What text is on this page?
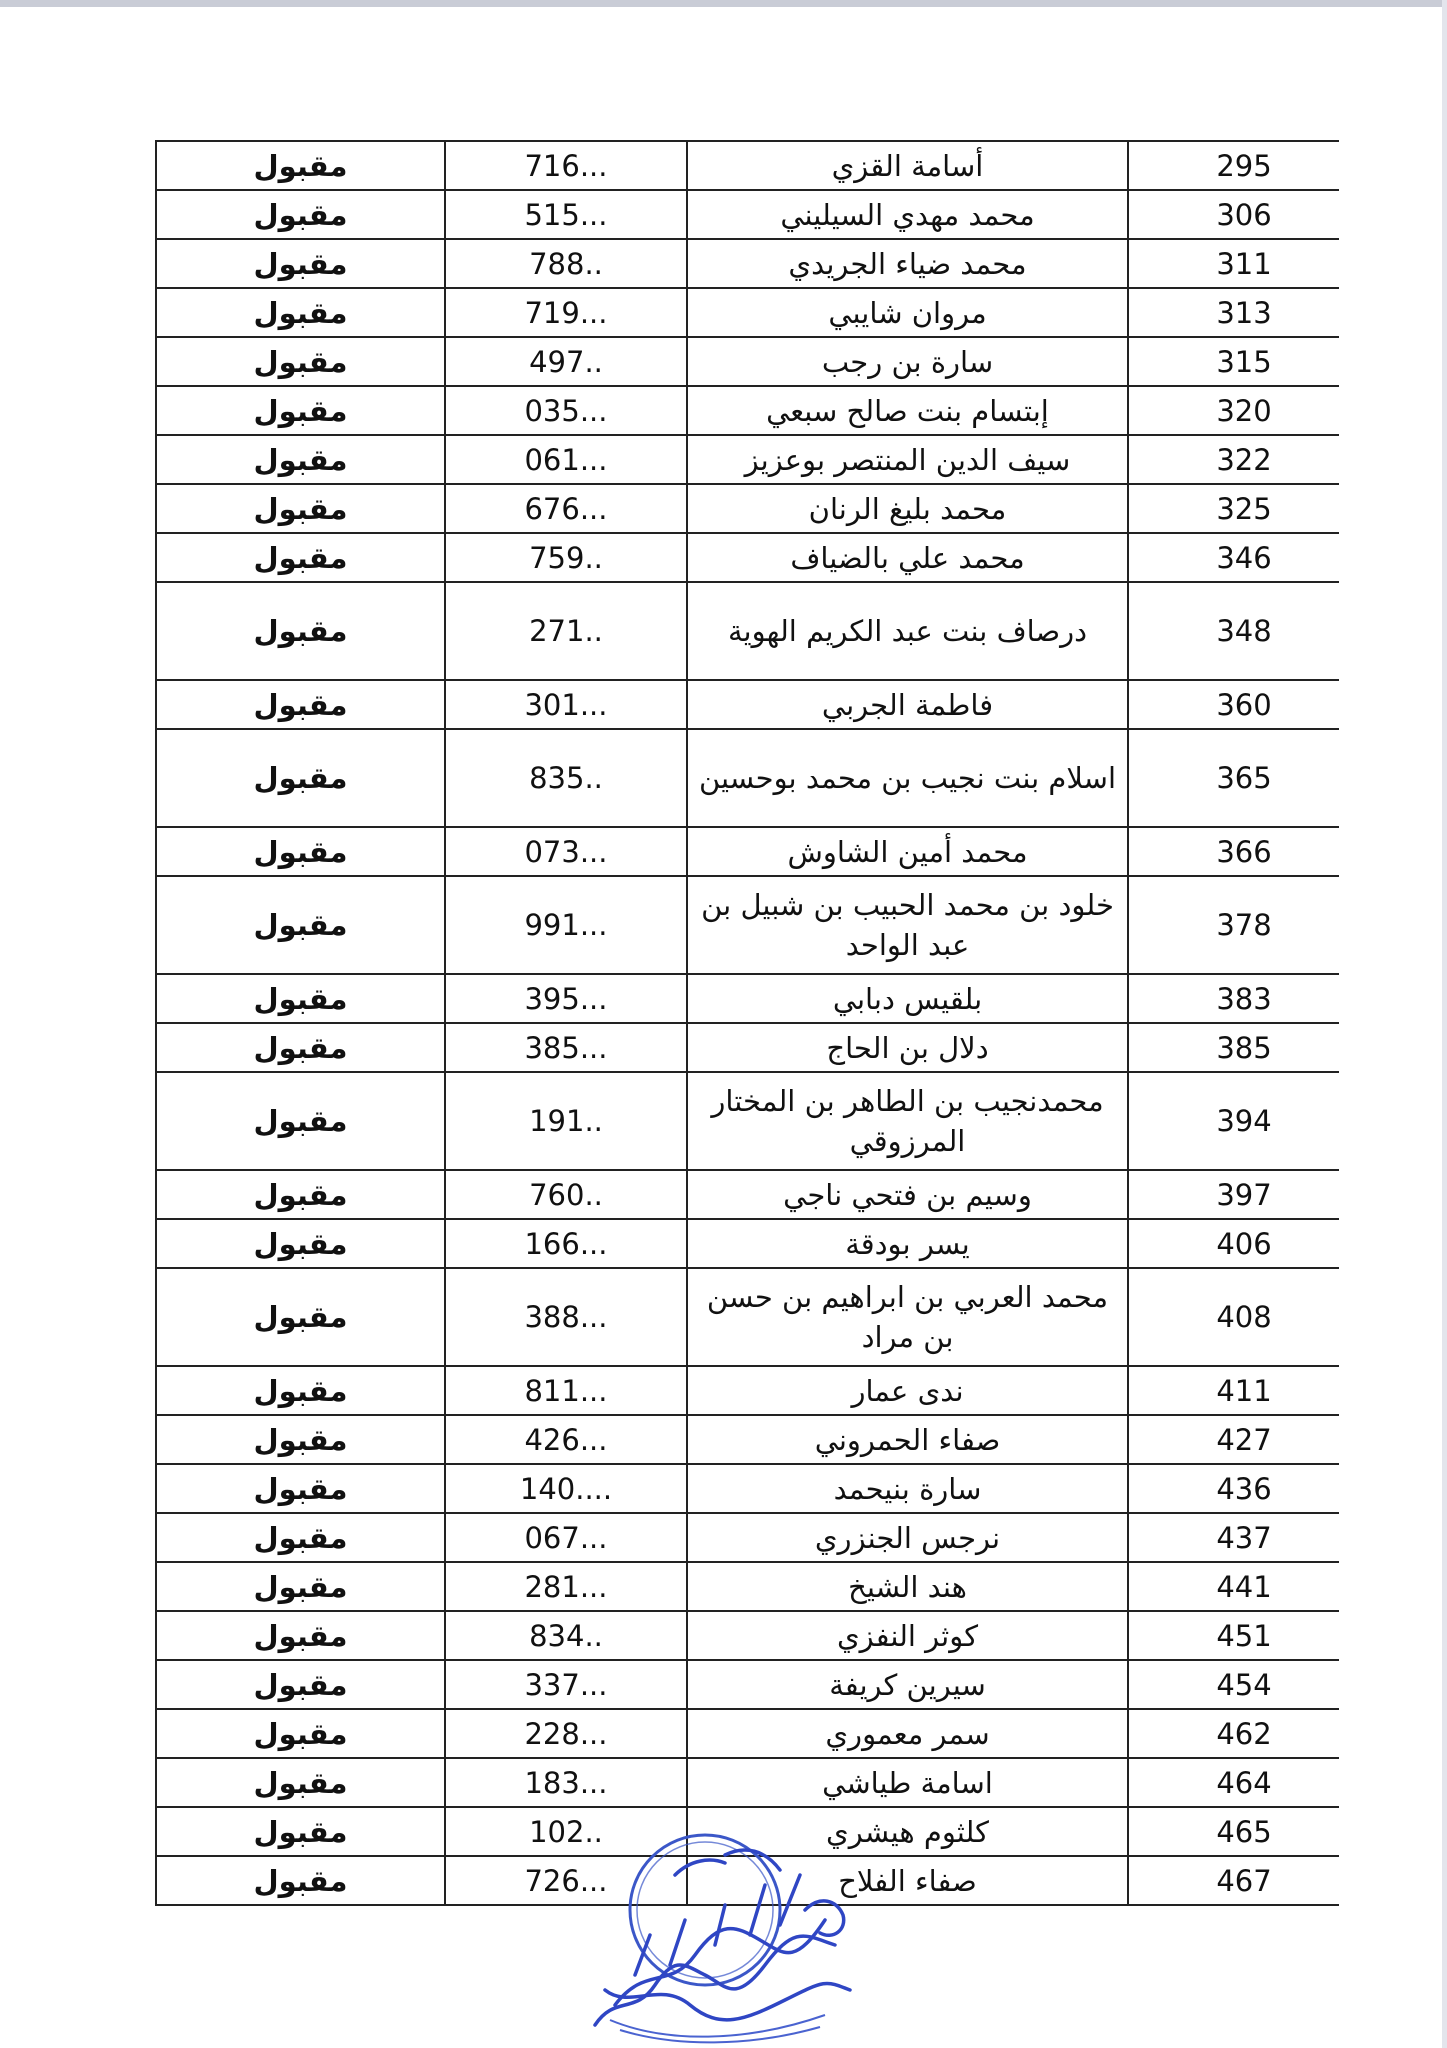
مقبول	716...	أسامة القزي	295
مقبول	515...	محمد مهدي السيليني	306
مقبول	788..	محمد ضياء الجريدي	311
مقبول	719...	مروان شايبي	313
مقبول	497..	سارة بن رجب	315
مقبول	035...	إبتسام بنت صالح سبعي	320
مقبول	061...	سيف الدين المنتصر بوعزيز	322
مقبول	676...	محمد بليغ الرنان	325
مقبول	759..	محمد علي بالضياف	346
مقبول	271..	درصاف بنت عبد الكريم الهوية	348
مقبول	301...	فاطمة الجربي	360
مقبول	835..	اسلام بنت نجيب بن محمد بوحسين	365
مقبول	073...	محمد أمين الشاوش	366
مقبول	991...	خلود بن محمد الحبيب بن شبيل بن عبد الواحد	378
مقبول	395...	بلقيس دبابي	383
مقبول	385...	دلال بن الحاج	385
مقبول	191..	محمدنجيب بن الطاهر بن المختار المرزوقي	394
مقبول	760..	وسيم بن فتحي ناجي	397
مقبول	166...	يسر بودقة	406
مقبول	388...	محمد العربي بن ابراهيم بن حسن بن مراد	408
مقبول	811...	ندى عمار	411
مقبول	426...	صفاء الحمروني	427
مقبول	140....	سارة بنيحمد	436
مقبول	067...	نرجس الجنزري	437
مقبول	281...	هند الشيخ	441
مقبول	834..	كوثر النفزي	451
مقبول	337...	سيرين كريفة	454
مقبول	228...	سمر معموري	462
مقبول	183...	اسامة طياشي	464
مقبول	102..	كلثوم هيشري	465
مقبول	726...	صفاء الفلاح	467
